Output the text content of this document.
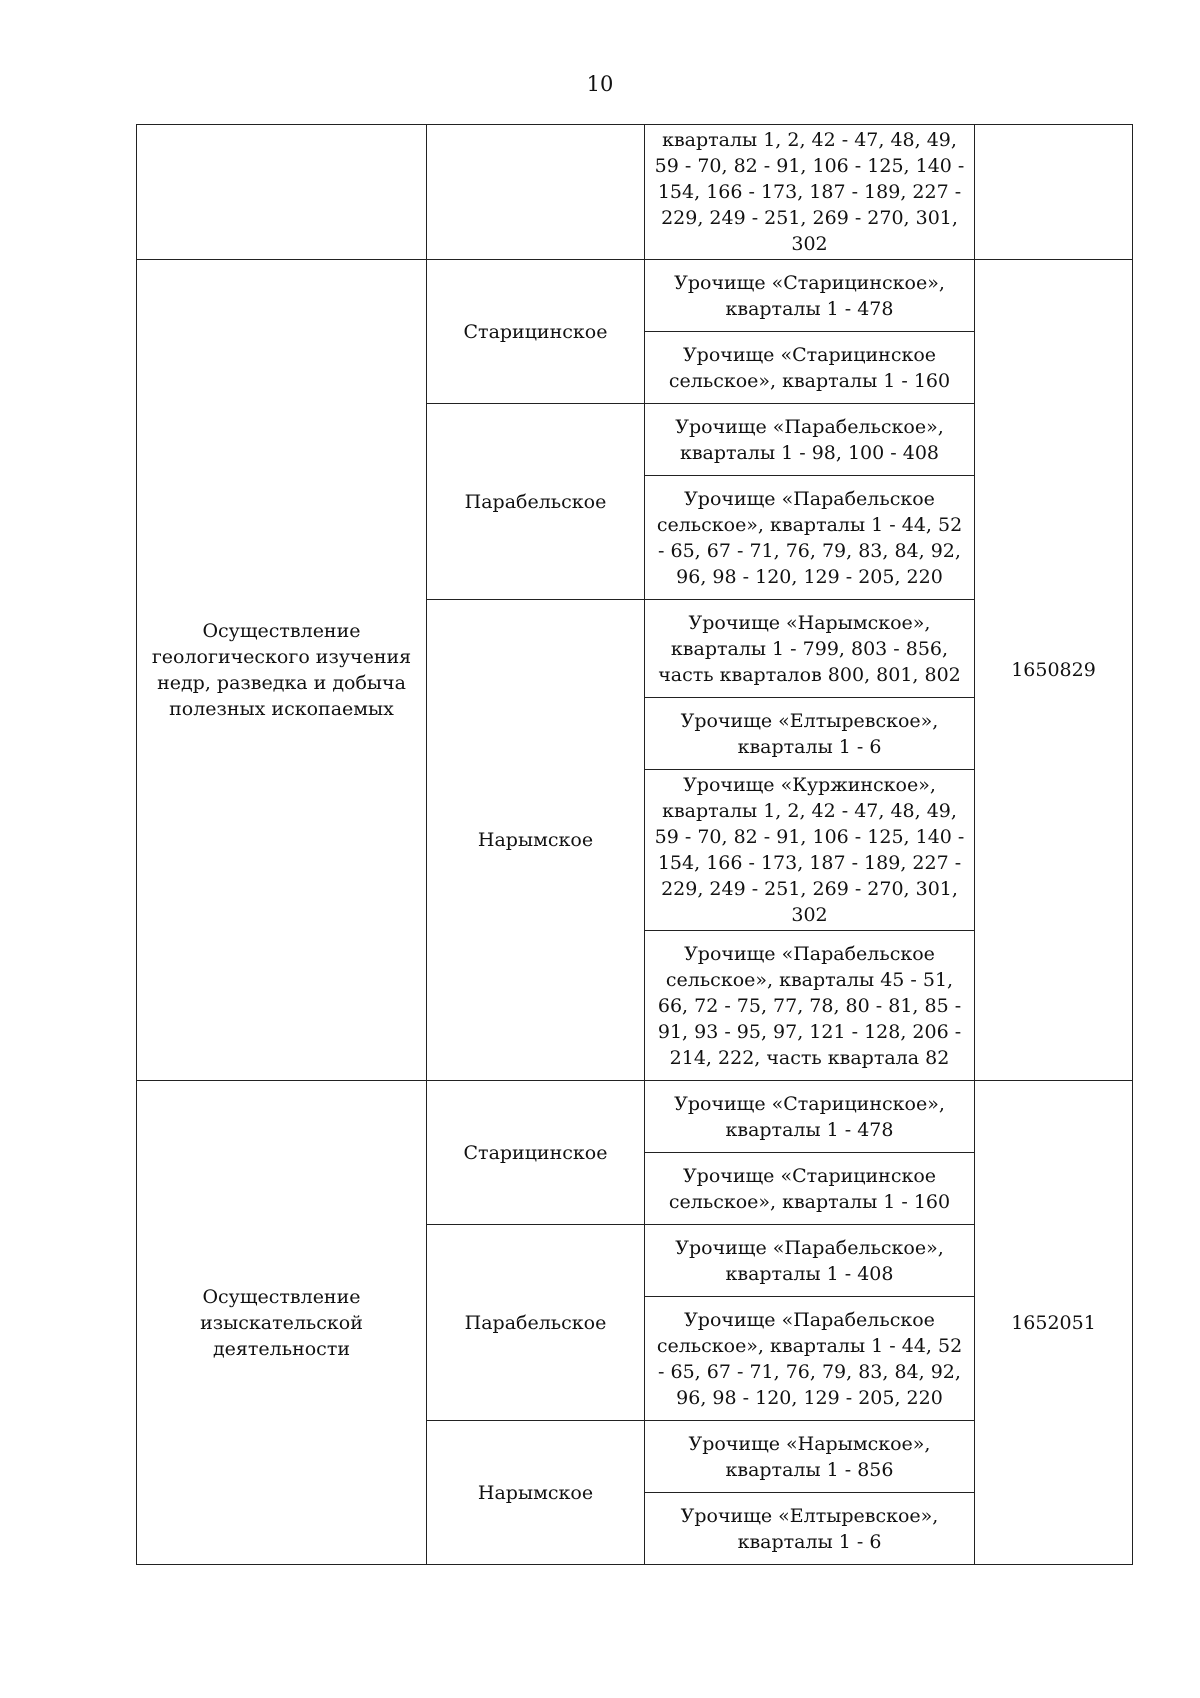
10
		кварталы 1, 2, 42 - 47, 48, 49, 59 - 70, 82 - 91, 106 - 125, 140 - 154, 166 - 173, 187 - 189, 227 - 229, 249 - 251, 269 - 270, 301, 302	
Осуществление геологического изучения недр, разведка и добыча полезных ископаемых	Старицинское	Урочище «Старицинское», кварталы 1 - 478	1650829
		Урочище «Старицинское сельское», кварталы 1 - 160	
	Парабельское	Урочище «Парабельское», кварталы 1 - 98, 100 - 408	
		Урочище «Парабельское сельское», кварталы 1 - 44, 52 - 65, 67 - 71, 76, 79, 83, 84, 92, 96, 98 - 120, 129 - 205, 220	
	Нарымское	Урочище «Нарымское», кварталы 1 - 799, 803 - 856, часть кварталов 800, 801, 802	
		Урочище «Елтыревское», кварталы 1 - 6	
		Урочище «Куржинское», кварталы 1, 2, 42 - 47, 48, 49, 59 - 70, 82 - 91, 106 - 125, 140 - 154, 166 - 173, 187 - 189, 227 - 229, 249 - 251, 269 - 270, 301, 302	
		Урочище «Парабельское сельское», кварталы 45 - 51, 66, 72 - 75, 77, 78, 80 - 81, 85 - 91, 93 - 95, 97, 121 - 128, 206 - 214, 222, часть квартала 82	
Осуществление изыскательской деятельности	Старицинское	Урочище «Старицинское», кварталы 1 - 478	1652051
		Урочище «Старицинское сельское», кварталы 1 - 160	
	Парабельское	Урочище «Парабельское», кварталы 1 - 408	
		Урочище «Парабельское сельское», кварталы 1 - 44, 52 - 65, 67 - 71, 76, 79, 83, 84, 92, 96, 98 - 120, 129 - 205, 220	
	Нарымское	Урочище «Нарымское», кварталы 1 - 856	
		Урочище «Елтыревское», кварталы 1 - 6	
